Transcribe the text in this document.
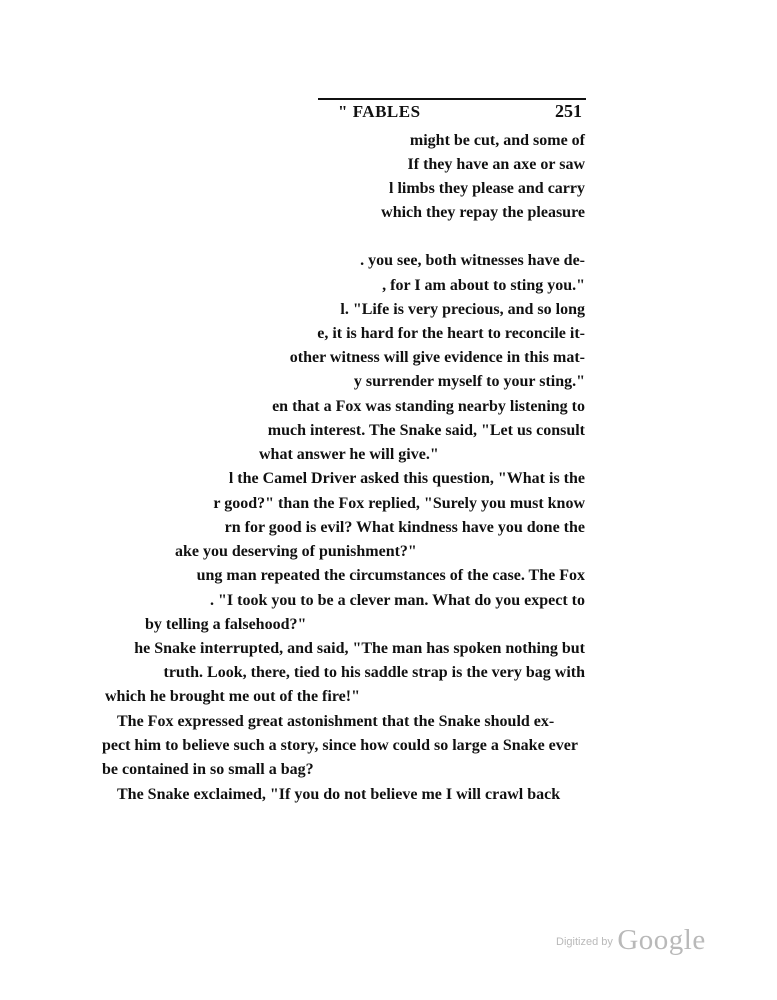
" FABLES	251
might be cut, and some of
If they have an axe or saw
l limbs they please and carry
which they repay the pleasure
. you see, both witnesses have de-
, for I am about to sting you."
l. "Life is very precious, and so long
e, it is hard for the heart to reconcile it-
other witness will give evidence in this mat-
y surrender myself to your sting."
en that a Fox was standing nearby listening to
much interest. The Snake said, "Let us consult
what answer he will give."
l the Camel Driver asked this question, "What is the
r good?" than the Fox replied, "Surely you must know
rn for good is evil? What kindness have you done the
ake you deserving of punishment?"
ung man repeated the circumstances of the case. The Fox
. "I took you to be a clever man. What do you expect to
by telling a falsehood?"
he Snake interrupted, and said, "The man has spoken nothing but
truth. Look, there, tied to his saddle strap is the very bag with
which he brought me out of the fire!"
The Fox expressed great astonishment that the Snake should ex-
pect him to believe such a story, since how could so large a Snake ever
be contained in so small a bag?
The Snake exclaimed, "If you do not believe me I will crawl back
$^{Digitized by}$ Google
